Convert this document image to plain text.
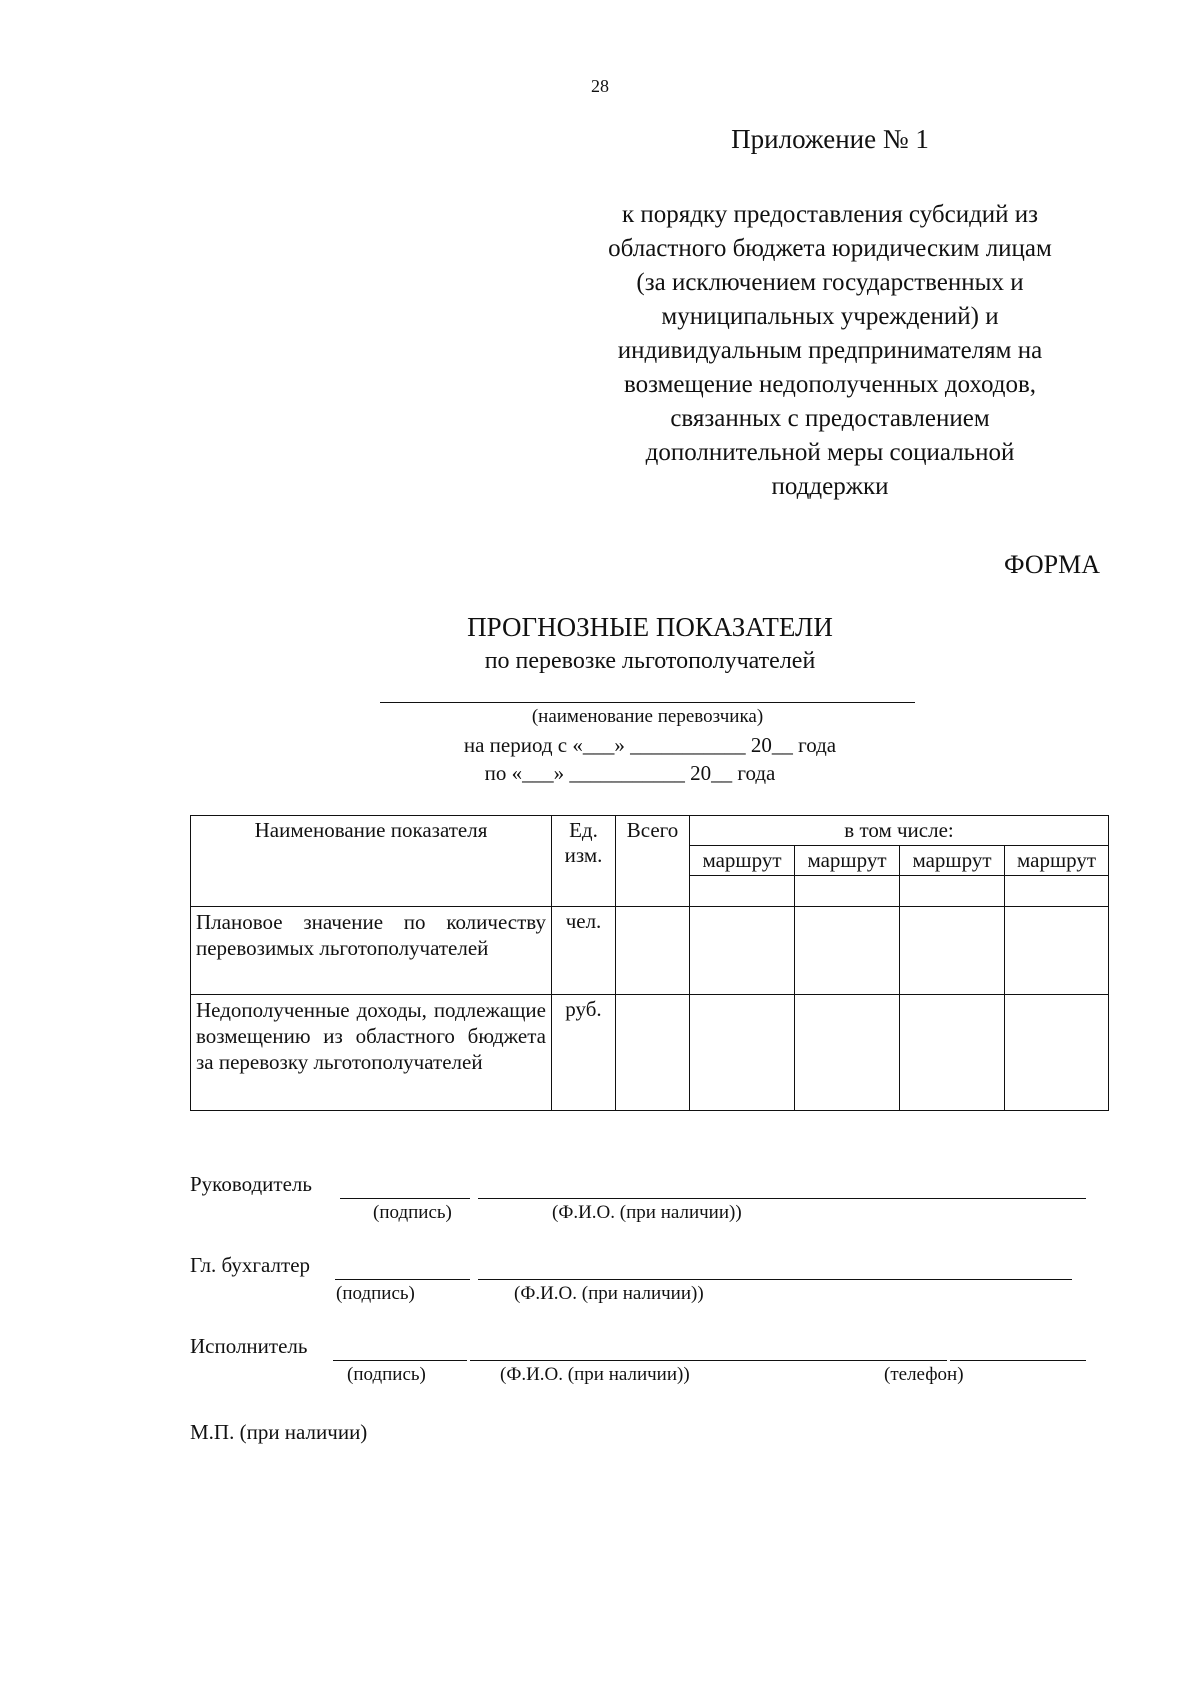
28
Приложение № 1
к порядку предоставления субсидий из
областного бюджета юридическим лицам
(за исключением государственных и
муниципальных учреждений) и
индивидуальным предпринимателям на
возмещение недополученных доходов,
связанных с предоставлением
дополнительной меры социальной
поддержки
ФОРМА
ПРОГНОЗНЫЕ ПОКАЗАТЕЛИ
по перевозке льготополучателей
(наименование перевозчика)
на период с «___» ___________ 20__ года
по «___» ___________ 20__ года
Наименование показателя	Ед. изм.	Всего	в том числе:			
			маршрут	маршрут	маршрут	маршрут

Плановое значение по количеству перевозимых льготополучателей	чел.					
Недополученные доходы, подлежащие возмещению из областного бюджета за перевозку льготополучателей	руб.					
Руководитель
(подпись)	(Ф.И.О. (при наличии))
Гл. бухгалтер
(подпись)	(Ф.И.О. (при наличии))
Исполнитель
(подпись)	(Ф.И.О. (при наличии))	(телефон)
М.П. (при наличии)
